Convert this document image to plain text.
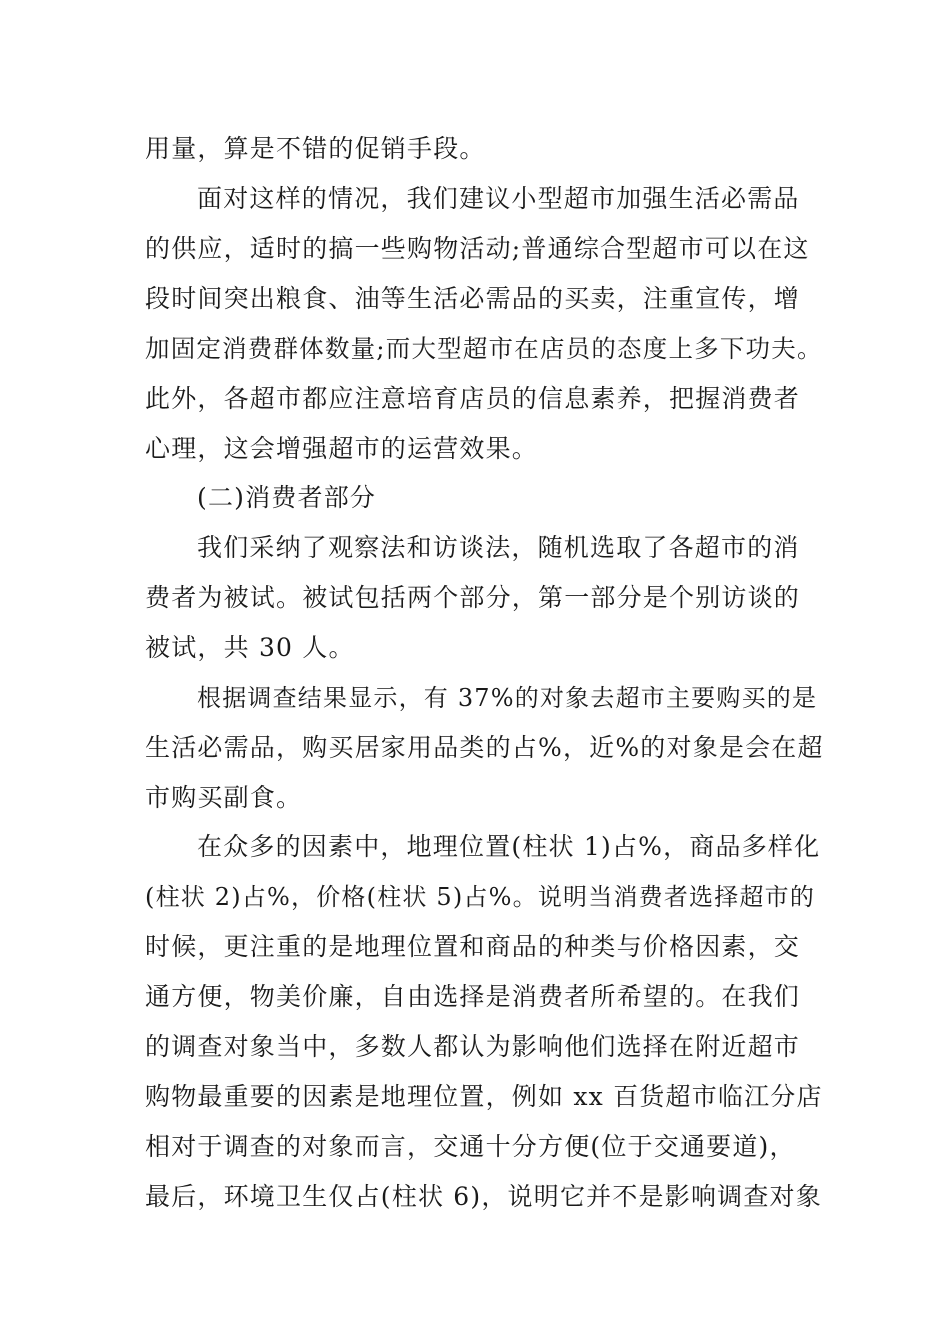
用量，算是不错的促销手段。
面对这样的情况，我们建议小型超市加强生活必需品
的供应，适时的搞一些购物活动;普通综合型超市可以在这
段时间突出粮食、油等生活必需品的买卖，注重宣传，增
加固定消费群体数量;而大型超市在店员的态度上多下功夫。
此外，各超市都应注意培育店员的信息素养，把握消费者
心理，这会增强超市的运营效果。
(二)消费者部分
我们采纳了观察法和访谈法，随机选取了各超市的消
费者为被试。被试包括两个部分，第一部分是个别访谈的
被试，共 30 人。
根据调查结果显示，有 37%的对象去超市主要购买的是
生活必需品，购买居家用品类的占%，近%的对象是会在超
市购买副食。
在众多的因素中，地理位置(柱状 1)占%，商品多样化
(柱状 2)占%，价格(柱状 5)占%。说明当消费者选择超市的
时候，更注重的是地理位置和商品的种类与价格因素，交
通方便，物美价廉，自由选择是消费者所希望的。在我们
的调查对象当中，多数人都认为影响他们选择在附近超市
购物最重要的因素是地理位置，例如 xx 百货超市临江分店
相对于调查的对象而言，交通十分方便(位于交通要道)，
最后，环境卫生仅占(柱状 6)，说明它并不是影响调查对象
